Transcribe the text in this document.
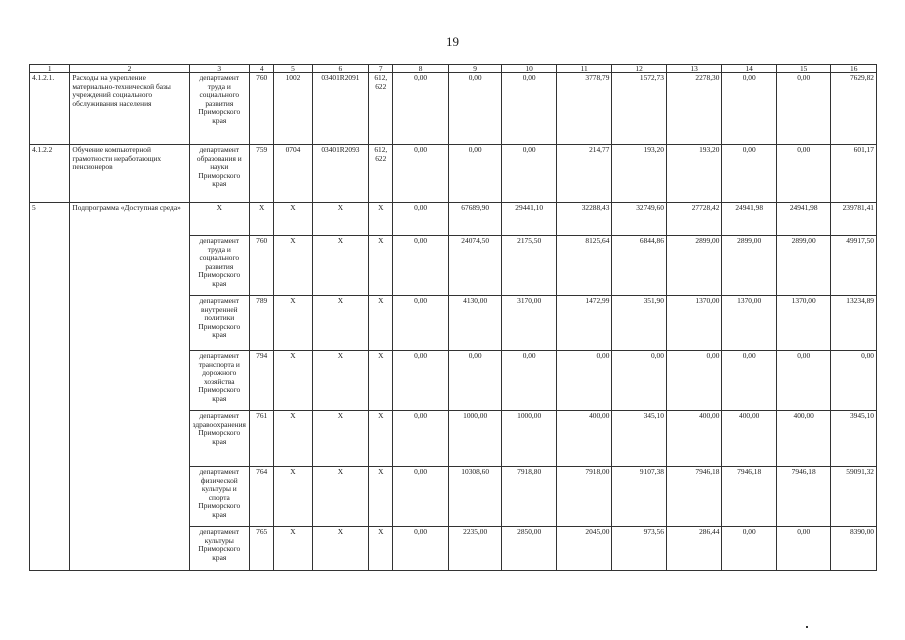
19
1	2	3	4	5	6	7	8	9	10	11	12	13	14	15	16
4.1.2.1.	Расходы на укрепление материально-технической базы учреждений социального обслуживания населения	департамент труда и социального развития Приморского края	760	1002	03401R2091	612, 622	0,00	0,00	0,00	3778,79	1572,73	2278,30	0,00	0,00	7629,82
4.1.2.2	Обучение компьютерной грамотности неработающих пенсионеров	департамент образования и науки Приморского края	759	0704	03401R2093	612, 622	0,00	0,00	0,00	214,77	193,20	193,20	0,00	0,00	601,17
5	Подпрограмма «Доступная среда»	Х	Х	Х	Х	Х	0,00	67689,90	29441,10	32288,43	32749,60	27728,42	24941,98	24941,98	239781,41
		департамент труда и социального развития Приморского края	760	Х	Х	Х	0,00	24074,50	2175,50	8125,64	6844,86	2899,00	2899,00	2899,00	49917,50
		департамент внутренней политики Приморского края	789	Х	Х	Х	0,00	4130,00	3170,00	1472,99	351,90	1370,00	1370,00	1370,00	13234,89
		департамент транспорта и дорожного хозяйства Приморского края	794	Х	Х	Х	0,00	0,00	0,00	0,00	0,00	0,00	0,00	0,00	0,00
		департамент здравоохранения Приморского края	761	Х	Х	Х	0,00	1000,00	1000,00	400,00	345,10	400,00	400,00	400,00	3945,10
		департамент физической культуры и спорта Приморского края	764	Х	Х	Х	0,00	10308,60	7918,80	7918,00	9107,38	7946,18	7946,18	7946,18	59091,32
		департамент культуры Приморского края	765	Х	Х	Х	0,00	2235,00	2850,00	2045,00	973,56	286,44	0,00	0,00	8390,00
